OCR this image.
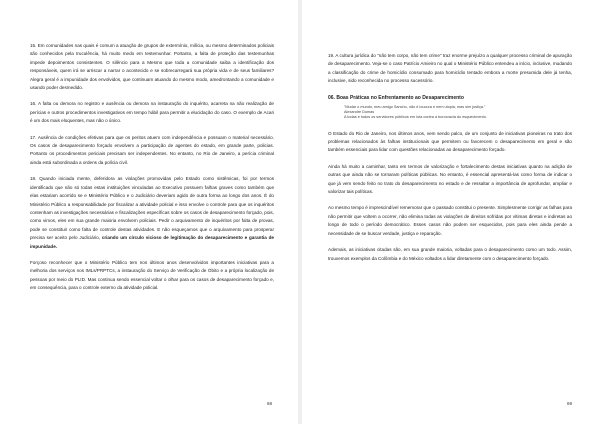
15. Em comunidades nas quais é comum a atuação de grupos de extermínio, milícia, ou mesmo determinados policiais são conhecidos pela truculência, há muito medo em testemunhar. Portanto, a falta de proteção das testemunhas impede depoimentos consistentes. O silêncio para a Mesmo que toda a comunidade saiba a identificação dos responsáveis, quem irá se arriscar a narrar o acontecido e se sobrecarregará sua própria vida e de seus familiares? Alegra geral é a impunidade dos envolvidos, que continuam atuando do mesmo modo, amedrontando a comunidade e usando poder desmedido.

16. A falta ou demora no registro e ausência ou demora na instauração do inquérito, acarreta na não realização de perícias e outros procedimentos investigativos em tempo hábil para permitir a elucidação do caso. O exemplo de Acari é um dos mais eloquentes, mas não o único.

17. Ausência de condições efetivas para que os peritos atuem com independência e possuam o material necessário. Os casos de desaparecimento forçado envolvem a participação de agentes do estado, em grande parte, policias. Portanto os procedimentos periciais precisam ser independentes. No entanto, no Rio de Janeiro, a perícia criminal ainda está subordinada a ordens da polícia civil.

18. Quando iniciada mente, deferidora as violações promovidas pelo Estado como sistêmicas, foi por termos identificado que não só todas estas instituições vinculadas ao Executivo possuem falhas graves como também que elas estariam acorrido se e Ministério Público e o Judiciário deveriam agido de outra forma ao longo dos anos. É do Ministério Público a responsabilidade por fiscalizar a atividade policial e isso envolve o controle para que os inquéritos contenham as investigações necessárias e fiscalizações específicas sobre os casos de desaparecimento forçado, pois, como vimos, eles em sua grande maioria envolvem policiais. Pedir o arquivamento de inquéritos por falta de provas, pode se constituir como falta de controle destas atividades. E não esqueçamos que o arquivamento para prosperar precisa ser aceito pelo Judiciário, criando um círculo vicioso de legitimação do desaparecimento e garantia de impunidade.

Forçoso reconhecer que o Ministério Público tem nos últimos anos desenvolvidos importantes iniciativas para a melhoria dos serviços nos IMLs/PRPTCs, a instauração do Serviço de Verificação de Óbito e a própria localização de pessoas por meio do PLID. Mas continua sendo essencial voltar o olhar para os casos de desaparecimento forçado e, em consequência, para o controle externo da atividade policial.

68

19. A cultura jurídica do "não tem corpo, não tem crime" traz enorme prejuízo a qualquer processo criminal de apuração de desaparecimento. Veja-se o caso Patrício Amieiro no qual o Ministério Público entendeu a início, inclusive, mudando a classificação do crime de homicídio consumado para homicídio tentado embora a morte presumida dele já tenha, inclusive, sido reconhecida no processo sucessório.

06. Boas Práticas no Enfrentamento ao Desaparecimento
"Mudar o mundo, meu amigo Sancho, não é loucura e nem utopia, mas sim justiça."
Alexandre Dumas
A todas e todos os servidores públicos em luta contra a burocracia do esquecimento.

O Estado do Rio de Janeiro, nos últimos anos, vem sendo palco, de um conjunto de iniciativas pioneiras no trato dos problemas relacionados às falhas institucionais que permitem ou favorecem o desaparecimento em geral e são também essenciais para lidar com questões relacionadas ao desaparecimento forçado.

Ainda há muito a caminhar, tanto em termos de valorização e fortalecimento destas iniciativas quanto na adição de outras que ainda não se tornaram políticas públicas. No entanto, é essencial apresentá-las como forma de indicar o que já vem sendo feito no trato do desaparecimento no estado e de ressaltar a importância de aprofundar, ampliar e valorizar tais políticas.

Ao mesmo tempo é imprescindível rememorar que o passado constitui o presente. Simplesmente corrigir as falhas para não permitir que voltem a ocorrer, não elimina todas as violações de direitos sofridas por vítimas diretas e indiretas ao longo de todo o período democrático. Esses casos não podem ser esquecidos, pois para eles ainda pende a necessidade de se buscar verdade, justiça e reparação.

Ademais, as iniciativas citadas são, em sua grande maioria, voltadas para o desaparecimento como um todo. Assim, trouxemos exemplos da Colômbia e do México voltados a lidar diretamente com o desaparecimento forçado.

69
